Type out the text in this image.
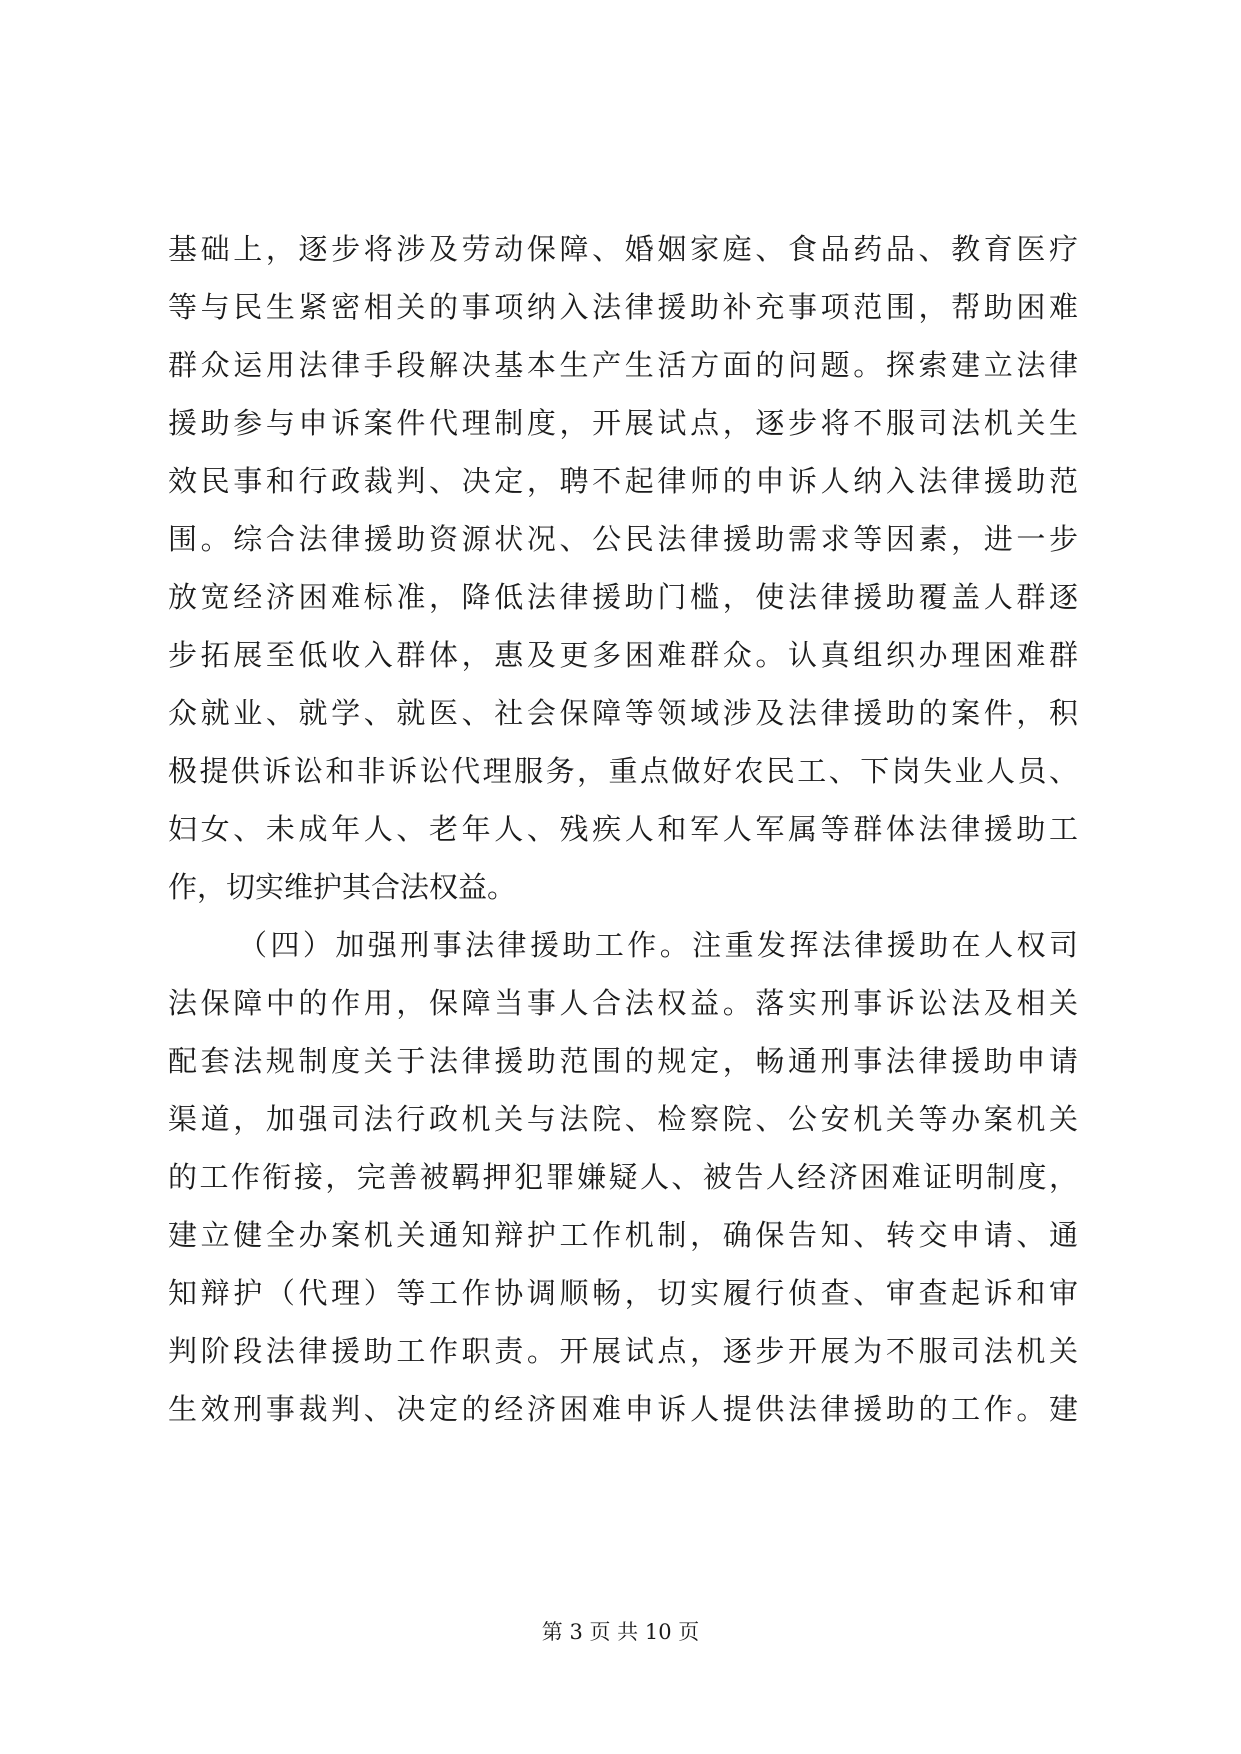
基础上，逐步将涉及劳动保障、婚姻家庭、食品药品、教育医疗
等与民生紧密相关的事项纳入法律援助补充事项范围，帮助困难
群众运用法律手段解决基本生产生活方面的问题。探索建立法律
援助参与申诉案件代理制度，开展试点，逐步将不服司法机关生
效民事和行政裁判、决定，聘不起律师的申诉人纳入法律援助范
围。综合法律援助资源状况、公民法律援助需求等因素，进一步
放宽经济困难标准，降低法律援助门槛，使法律援助覆盖人群逐
步拓展至低收入群体，惠及更多困难群众。认真组织办理困难群
众就业、就学、就医、社会保障等领域涉及法律援助的案件，积
极提供诉讼和非诉讼代理服务，重点做好农民工、下岗失业人员、
妇女、未成年人、老年人、残疾人和军人军属等群体法律援助工
作，切实维护其合法权益。
（四）加强刑事法律援助工作。注重发挥法律援助在人权司
法保障中的作用，保障当事人合法权益。落实刑事诉讼法及相关
配套法规制度关于法律援助范围的规定，畅通刑事法律援助申请
渠道，加强司法行政机关与法院、检察院、公安机关等办案机关
的工作衔接，完善被羁押犯罪嫌疑人、被告人经济困难证明制度，
建立健全办案机关通知辩护工作机制，确保告知、转交申请、通
知辩护（代理）等工作协调顺畅，切实履行侦查、审查起诉和审
判阶段法律援助工作职责。开展试点，逐步开展为不服司法机关
生效刑事裁判、决定的经济困难申诉人提供法律援助的工作。建
第 3 页 共 10 页
